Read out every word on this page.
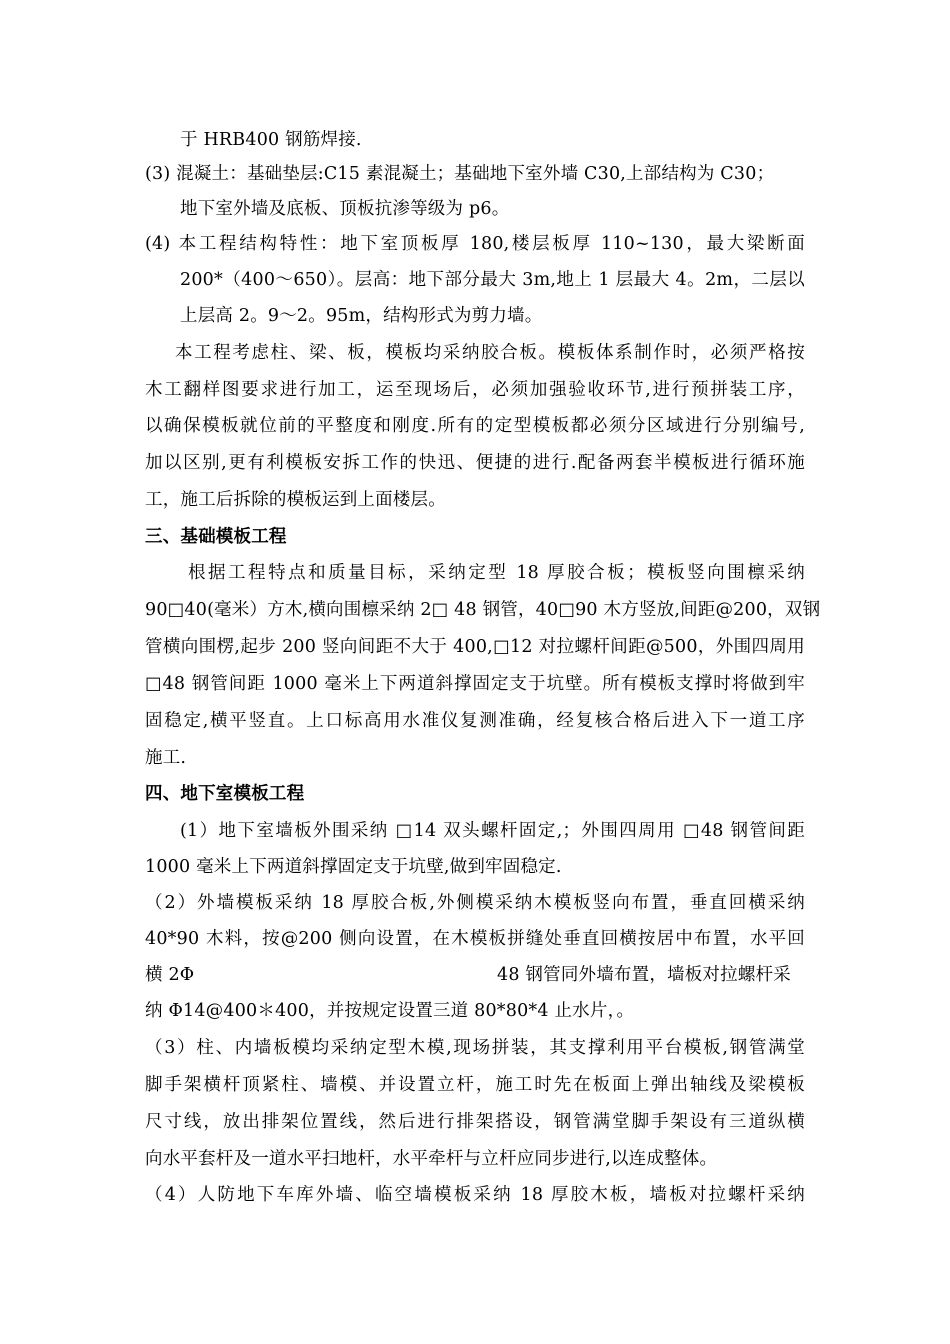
于 HRB400 钢筋焊接.
(3) 混凝土：基础垫层:C15 素混凝土；基础地下室外墙 C30,上部结构为 C30；
地下室外墙及底板、顶板抗渗等级为 p6。
(4) 本工程结构特性：地下室顶板厚 180,楼层板厚 110~130，最大梁断面
200*（400～650）。层高：地下部分最大 3m,地上 1 层最大 4。2m，二层以
上层高 2。9～2。95m，结构形式为剪力墙。
本工程考虑柱、梁、板，模板均采纳胶合板。模板体系制作时，必须严格按
木工翻样图要求进行加工，运至现场后，必须加强验收环节,进行预拼装工序，
以确保模板就位前的平整度和刚度.所有的定型模板都必须分区域进行分别编号,
加以区别,更有利模板安拆工作的快迅、便捷的进行.配备两套半模板进行循环施
工，施工后拆除的模板运到上面楼层。
三、基础模板工程
根据工程特点和质量目标，采纳定型 18 厚胶合板；模板竖向围檩采纳
90□40(毫米）方木,横向围檩采纳 2□ 48 钢管，40□90 木方竖放,间距@200，双钢
管横向围楞,起步 200 竖向间距不大于 400,□12 对拉螺杆间距@500，外围四周用
□48 钢管间距 1000 毫米上下两道斜撑固定支于坑壁。所有模板支撑时将做到牢
固稳定,横平竖直。上口标高用水准仪复测准确，经复核合格后进入下一道工序
施工.
四、地下室模板工程
(1）地下室墙板外围采纳 □14 双头螺杆固定,；外围四周用 □48 钢管间距
1000 毫米上下两道斜撑固定支于坑壁,做到牢固稳定.
（2）外墙模板采纳 18 厚胶合板,外侧模采纳木模板竖向布置，垂直回横采纳
40*90 木料，按@200 侧向设置，在木模板拼缝处垂直回横按居中布置，水平回
横 2Φ	48 钢管同外墙布置，墙板对拉螺杆采
纳 Φ14@400＊400，并按规定设置三道 80*80*4 止水片，。
（3）柱、内墙板模均采纳定型木模,现场拼装，其支撑利用平台模板,钢管满堂
脚手架横杆顶紧柱、墙模、并设置立杆，施工时先在板面上弹出轴线及梁模板
尺寸线，放出排架位置线，然后进行排架搭设，钢管满堂脚手架设有三道纵横
向水平套杆及一道水平扫地杆，水平牵杆与立杆应同步进行,以连成整体。
（4）人防地下车库外墙、临空墙模板采纳 18 厚胶木板，墙板对拉螺杆采纳
